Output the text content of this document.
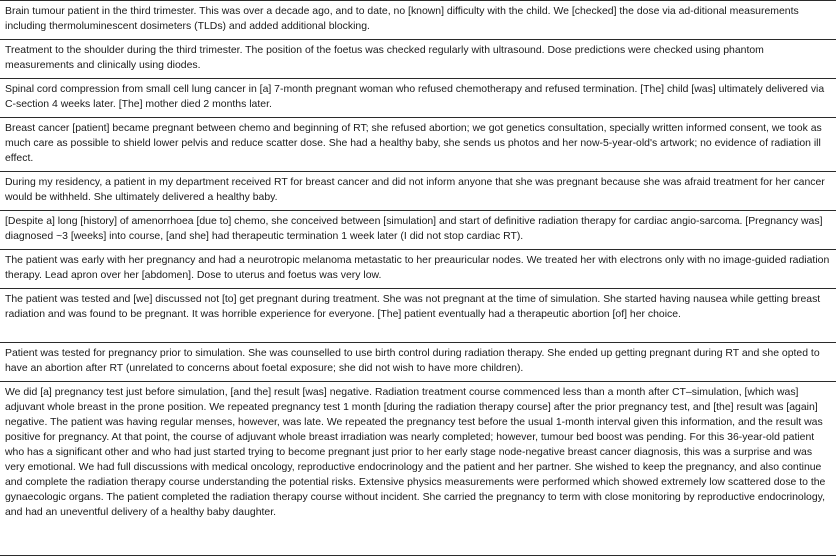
Brain tumour patient in the third trimester. This was over a decade ago, and to date, no [known] difficulty with the child. We [checked] the dose via ad-ditional measurements including thermoluminescent dosimeters (TLDs) and added additional blocking.
Treatment to the shoulder during the third trimester. The position of the foetus was checked regularly with ultrasound. Dose predictions were checked using phantom measurements and clinically using diodes.
Spinal cord compression from small cell lung cancer in [a] 7-month pregnant woman who refused chemotherapy and refused termination. [The] child [was] ultimately delivered via C-section 4 weeks later. [The] mother died 2 months later.
Breast cancer [patient] became pregnant between chemo and beginning of RT; she refused abortion; we got genetics consultation, specially written informed consent, we took as much care as possible to shield lower pelvis and reduce scatter dose. She had a healthy baby, she sends us photos and her now-5-year-old's artwork; no evidence of radiation ill effect.
During my residency, a patient in my department received RT for breast cancer and did not inform anyone that she was pregnant because she was afraid treatment for her cancer would be withheld. She ultimately delivered a healthy baby.
[Despite a] long [history] of amenorrhoea [due to] chemo, she conceived between [simulation] and start of definitive radiation therapy for cardiac angio-sarcoma. [Pregnancy was] diagnosed ~3 [weeks] into course, [and she] had therapeutic termination 1 week later (I did not stop cardiac RT).
The patient was early with her pregnancy and had a neurotropic melanoma metastatic to her preauricular nodes. We treated her with electrons only with no image-guided radiation therapy. Lead apron over her [abdomen]. Dose to uterus and foetus was very low.
The patient was tested and [we] discussed not [to] get pregnant during treatment. She was not pregnant at the time of simulation. She started having nausea while getting breast radiation and was found to be pregnant. It was horrible experience for everyone. [The] patient eventually had a therapeutic abortion [of] her choice.
Patient was tested for pregnancy prior to simulation. She was counselled to use birth control during radiation therapy. She ended up getting pregnant during RT and she opted to have an abortion after RT (unrelated to concerns about foetal exposure; she did not wish to have more children).
We did [a] pregnancy test just before simulation, [and the] result [was] negative. Radiation treatment course commenced less than a month after CT–simulation, [which was] adjuvant whole breast in the prone position. We repeated pregnancy test 1 month [during the radiation therapy course] after the prior pregnancy test, and [the] result was [again] negative. The patient was having regular menses, however, was late. We repeated the pregnancy test before the usual 1-month interval given this information, and the result was positive for pregnancy. At that point, the course of adjuvant whole breast irradiation was nearly completed; however, tumour bed boost was pending. For this 36-year-old patient who has a significant other and who had just started trying to become pregnant just prior to her early stage node-negative breast cancer diagnosis, this was a surprise and was very emotional. We had full discussions with medical oncology, reproductive endocrinology and the patient and her partner. She wished to keep the pregnancy, and also continue and complete the radiation therapy course understanding the potential risks. Extensive physics measurements were performed which showed extremely low scattered dose to the gynaecologic organs. The patient completed the radiation therapy course without incident. She carried the pregnancy to term with close monitoring by reproductive endocrinology, and had an uneventful delivery of a healthy baby daughter.
